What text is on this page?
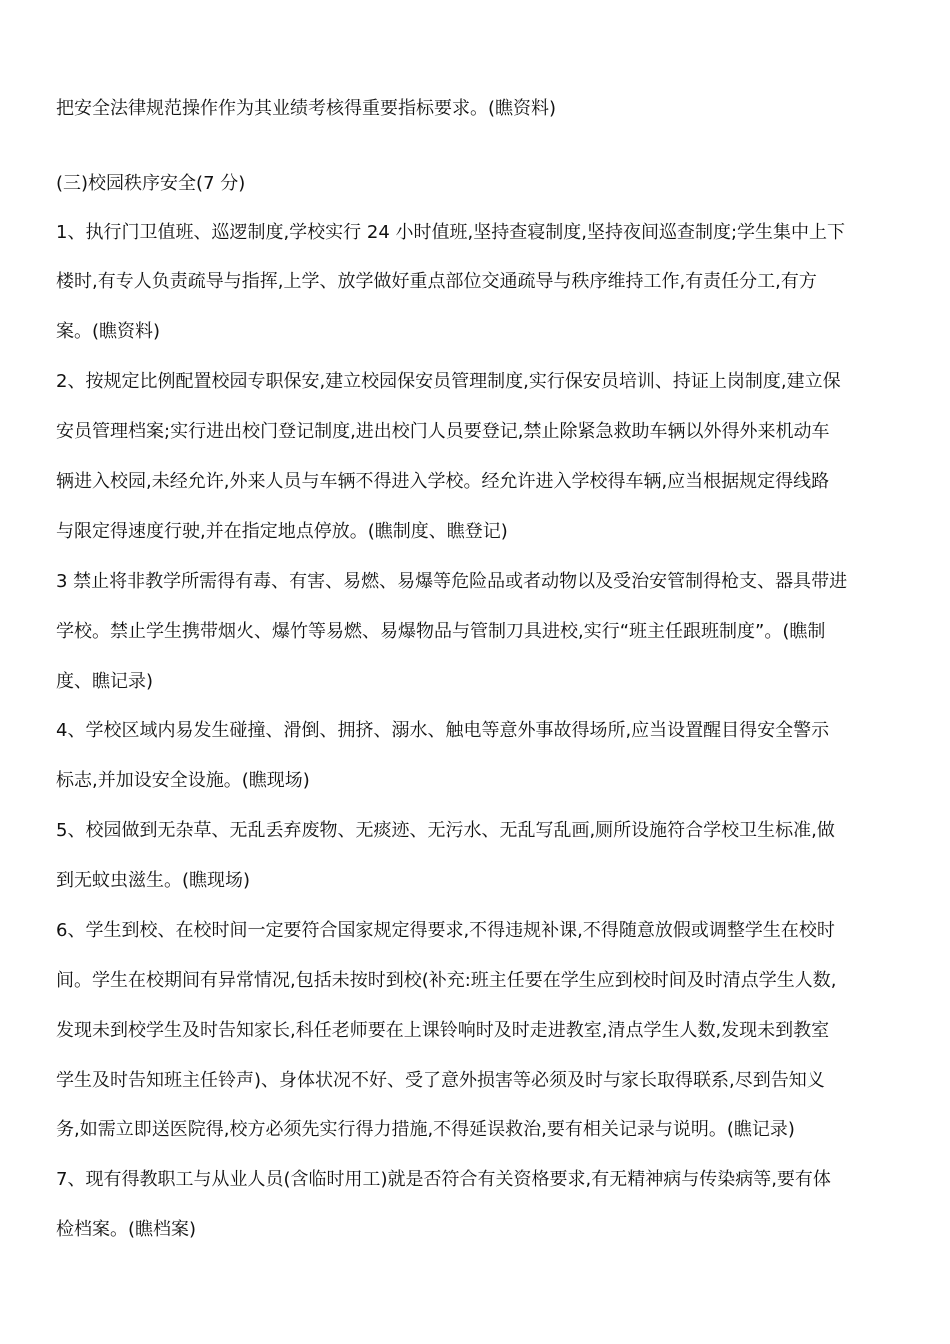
把安全法律规范操作作为其业绩考核得重要指标要求。(瞧资料)
(三)校园秩序安全(7 分)
1、执行门卫值班、巡逻制度,学校实行 24 小时值班,坚持查寝制度,坚持夜间巡查制度;学生集中上下
楼时,有专人负责疏导与指挥,上学、放学做好重点部位交通疏导与秩序维持工作,有责任分工,有方
案。(瞧资料)
2、按规定比例配置校园专职保安,建立校园保安员管理制度,实行保安员培训、持证上岗制度,建立保
安员管理档案;实行进出校门登记制度,进出校门人员要登记,禁止除紧急救助车辆以外得外来机动车
辆进入校园,未经允许,外来人员与车辆不得进入学校。经允许进入学校得车辆,应当根据规定得线路
与限定得速度行驶,并在指定地点停放。(瞧制度、瞧登记)
3 禁止将非教学所需得有毒、有害、易燃、易爆等危险品或者动物以及受治安管制得枪支、器具带进
学校。禁止学生携带烟火、爆竹等易燃、易爆物品与管制刀具进校,实行“班主任跟班制度”。(瞧制
度、瞧记录)
4、学校区域内易发生碰撞、滑倒、拥挤、溺水、触电等意外事故得场所,应当设置醒目得安全警示
标志,并加设安全设施。(瞧现场)
5、校园做到无杂草、无乱丢弃废物、无痰迹、无污水、无乱写乱画,厕所设施符合学校卫生标准,做
到无蚊虫滋生。(瞧现场)
6、学生到校、在校时间一定要符合国家规定得要求,不得违规补课,不得随意放假或调整学生在校时
间。学生在校期间有异常情况,包括未按时到校(补充:班主任要在学生应到校时间及时清点学生人数,
发现未到校学生及时告知家长,科任老师要在上课铃响时及时走进教室,清点学生人数,发现未到教室
学生及时告知班主任铃声)、身体状况不好、受了意外损害等必须及时与家长取得联系,尽到告知义
务,如需立即送医院得,校方必须先实行得力措施,不得延误救治,要有相关记录与说明。(瞧记录)
7、现有得教职工与从业人员(含临时用工)就是否符合有关资格要求,有无精神病与传染病等,要有体
检档案。(瞧档案)
